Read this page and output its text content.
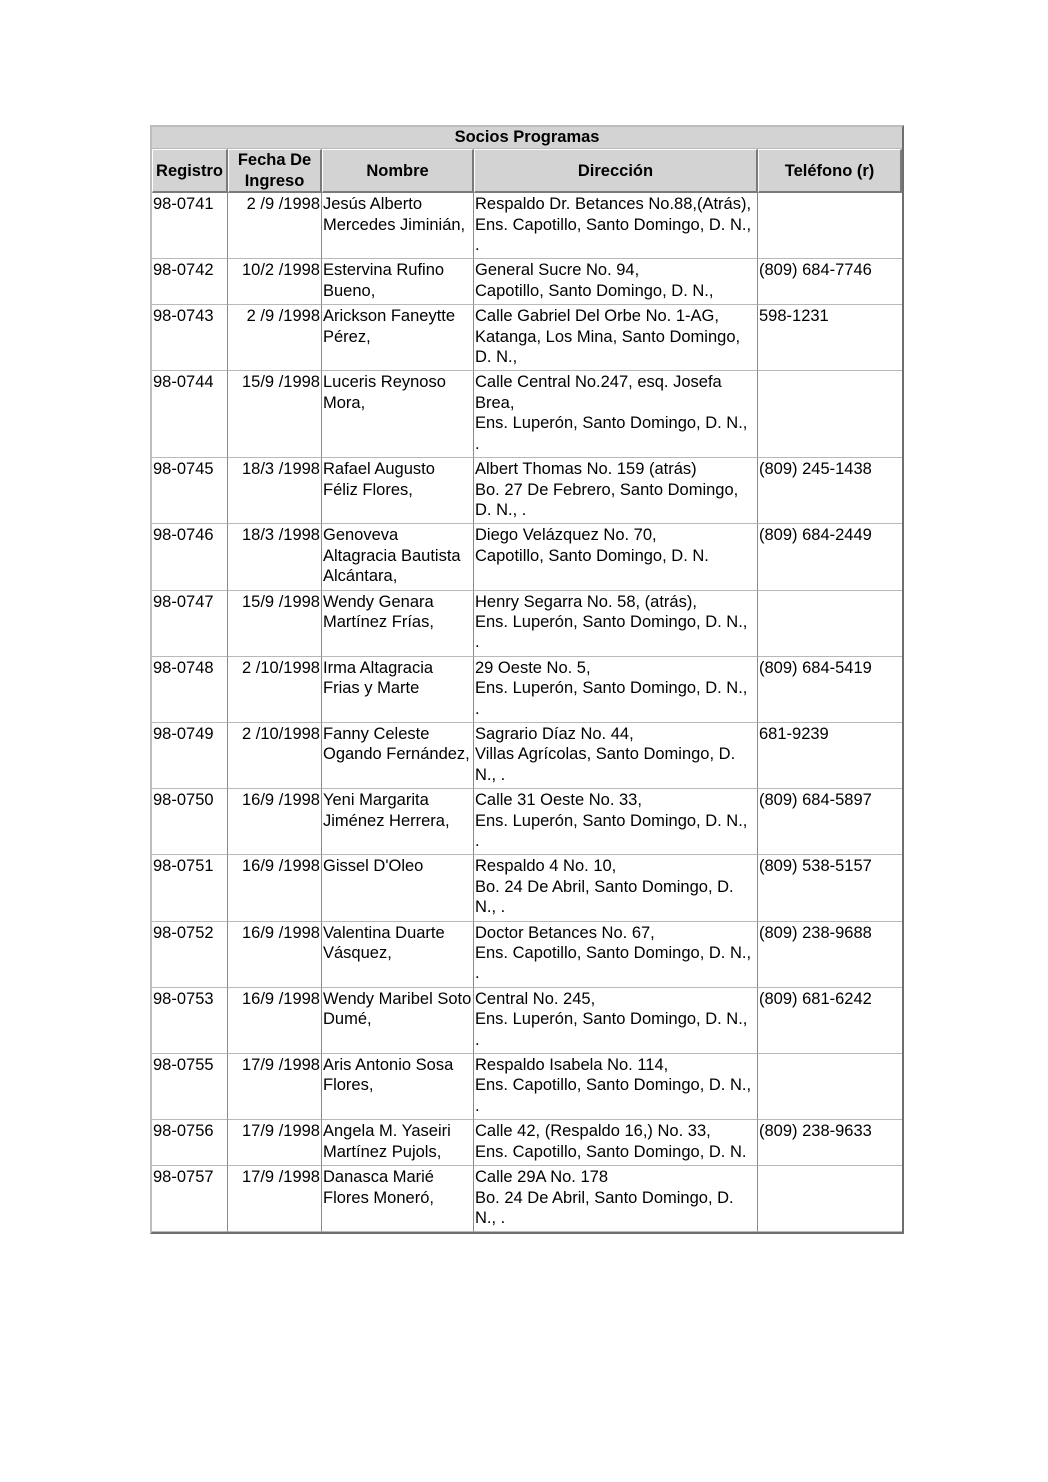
Socios Programas				
Registro	Fecha De Ingreso	Nombre	Dirección	Teléfono (r)
98-0741	2 /9 /1998	Jesús Alberto Mercedes Jiminián,	Respaldo Dr. Betances No.88,(Atrás),
Ens. Capotillo, Santo Domingo, D. N., .	

98-0742	10/2 /1998	Estervina Rufino Bueno,	General Sucre No. 94,
Capotillo, Santo Domingo, D. N.,	(809) 684-7746
98-0743	2 /9 /1998	Arickson Faneytte Pérez,	Calle Gabriel Del Orbe No. 1-AG, Katanga, Los Mina, Santo Domingo, D. N.,	598-1231
98-0744	15/9 /1998	Luceris Reynoso Mora,	Calle Central No.247, esq. Josefa Brea,
Ens. Luperón, Santo Domingo, D. N., .	

98-0745	18/3 /1998	Rafael Augusto Féliz Flores,	Albert Thomas No. 159 (atrás)
Bo. 27 De Febrero, Santo Domingo, D. N., .	(809) 245-1438
98-0746	18/3 /1998	Genoveva Altagracia Bautista Alcántara,	Diego Velázquez No. 70,
Capotillo, Santo Domingo, D. N.	(809) 684-2449
98-0747	15/9 /1998	Wendy Genara Martínez Frías,	Henry Segarra No. 58, (atrás),
Ens. Luperón, Santo Domingo, D. N., .	

98-0748	2 /10/1998	Irma Altagracia Frias y Marte	29 Oeste No. 5,
Ens. Luperón, Santo Domingo, D. N., .	(809) 684-5419
98-0749	2 /10/1998	Fanny Celeste Ogando Fernández,	Sagrario Díaz No. 44,
Villas Agrícolas, Santo Domingo, D. N., .	681-9239
98-0750	16/9 /1998	Yeni Margarita Jiménez Herrera,	Calle 31 Oeste No. 33,
Ens. Luperón, Santo Domingo, D. N., .	(809) 684-5897
98-0751	16/9 /1998	Gissel D'Oleo	Respaldo 4 No. 10,
Bo. 24 De Abril, Santo Domingo, D. N., .	(809) 538-5157
98-0752	16/9 /1998	Valentina Duarte Vásquez,	Doctor Betances No. 67,
Ens. Capotillo, Santo Domingo, D. N., .	(809) 238-9688
98-0753	16/9 /1998	Wendy Maribel Soto Dumé,	Central No. 245,
Ens. Luperón, Santo Domingo, D. N., .	(809) 681-6242
98-0755	17/9 /1998	Aris Antonio Sosa Flores,	Respaldo Isabela No. 114,
Ens. Capotillo, Santo Domingo, D. N., .	

98-0756	17/9 /1998	Angela M. Yaseiri Martínez Pujols,	Calle 42, (Respaldo 16,) No. 33,
Ens. Capotillo, Santo Domingo, D. N.	(809) 238-9633
98-0757	17/9 /1998	Danasca Marié Flores Moneró,	Calle 29A No. 178
Bo. 24 De Abril, Santo Domingo, D. N., .	
